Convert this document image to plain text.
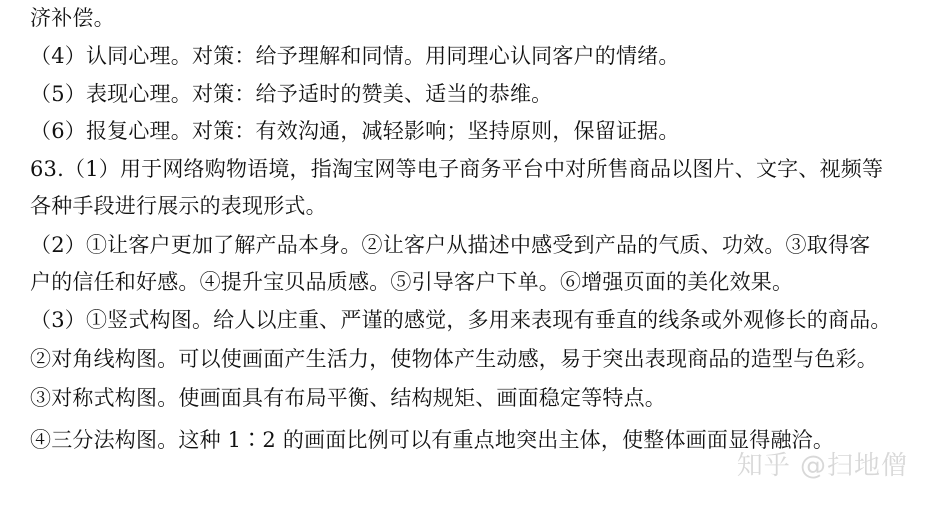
济补偿。
（4）认同心理。对策：给予理解和同情。用同理心认同客户的情绪。
（5）表现心理。对策：给予适时的赞美、适当的恭维。
（6）报复心理。对策：有效沟通，减轻影响；坚持原则，保留证据。
63.（1）用于网络购物语境，指淘宝网等电子商务平台中对所售商品以图片、文字、视频等
各种手段进行展示的表现形式。
（2）①让客户更加了解产品本身。②让客户从描述中感受到产品的气质、功效。③取得客
户的信任和好感。④提升宝贝品质感。⑤引导客户下单。⑥增强页面的美化效果。
（3）①竖式构图。给人以庄重、严谨的感觉，多用来表现有垂直的线条或外观修长的商品。
②对角线构图。可以使画面产生活力，使物体产生动感，易于突出表现商品的造型与色彩。
③对称式构图。使画面具有布局平衡、结构规矩、画面稳定等特点。
④三分法构图。这种 1∶2 的画面比例可以有重点地突出主体，使整体画面显得融洽。
知乎 @扫地僧
